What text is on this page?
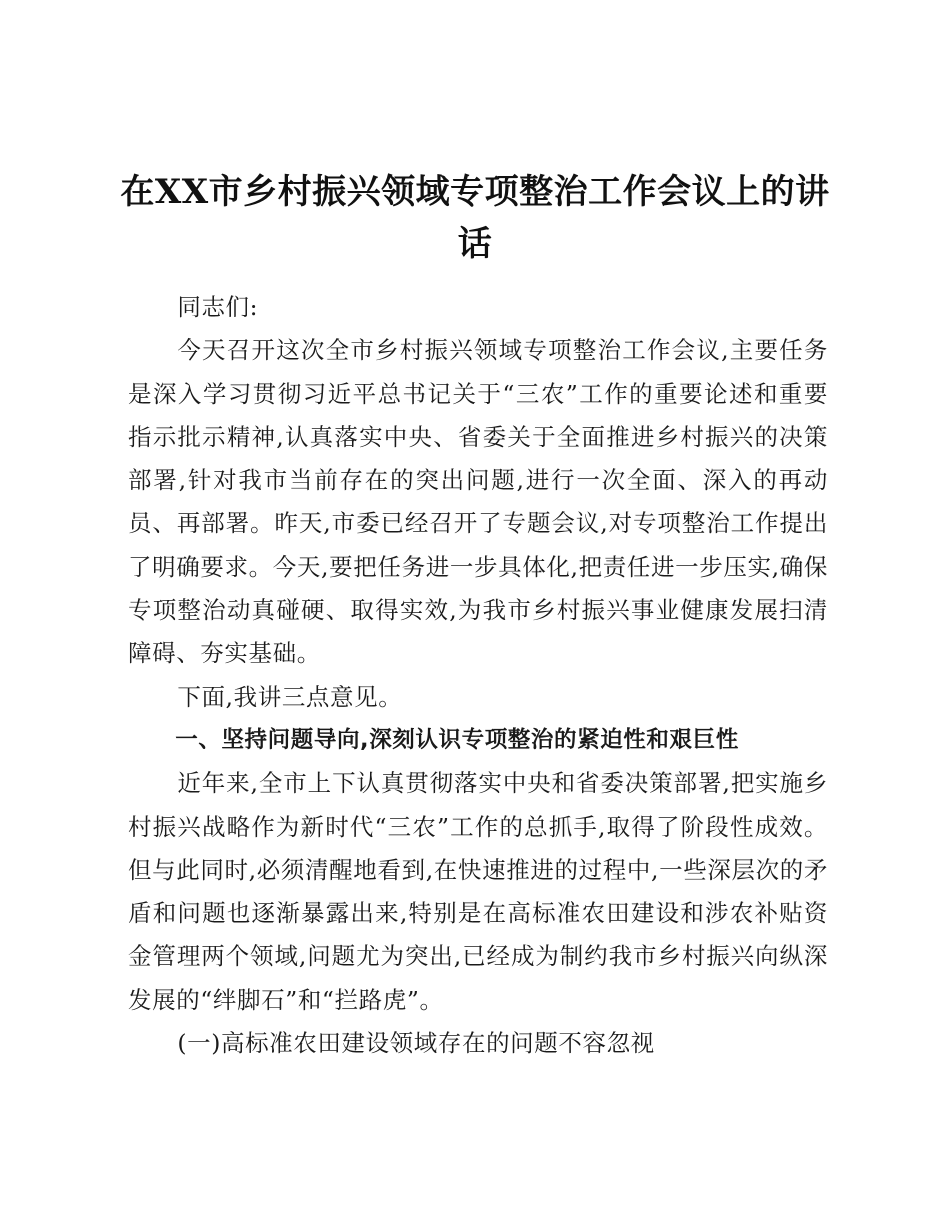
在XX市乡村振兴领域专项整治工作会议上的讲话

同志们:

今天召开这次全市乡村振兴领域专项整治工作会议,主要任务是深入学习贯彻习近平总书记关于“三农”工作的重要论述和重要指示批示精神,认真落实中央、省委关于全面推进乡村振兴的决策部署,针对我市当前存在的突出问题,进行一次全面、深入的再动员、再部署。昨天,市委已经召开了专题会议,对专项整治工作提出了明确要求。今天,要把任务进一步具体化,把责任进一步压实,确保专项整治动真碰硬、取得实效,为我市乡村振兴事业健康发展扫清障碍、夯实基础。

下面,我讲三点意见。

一、坚持问题导向,深刻认识专项整治的紧迫性和艰巨性

近年来,全市上下认真贯彻落实中央和省委决策部署,把实施乡村振兴战略作为新时代“三农”工作的总抓手,取得了阶段性成效。但与此同时,必须清醒地看到,在快速推进的过程中,一些深层次的矛盾和问题也逐渐暴露出来,特别是在高标准农田建设和涉农补贴资金管理两个领域,问题尤为突出,已经成为制约我市乡村振兴向纵深发展的“绊脚石”和“拦路虎”。

(一)高标准农田建设领域存在的问题不容忽视
